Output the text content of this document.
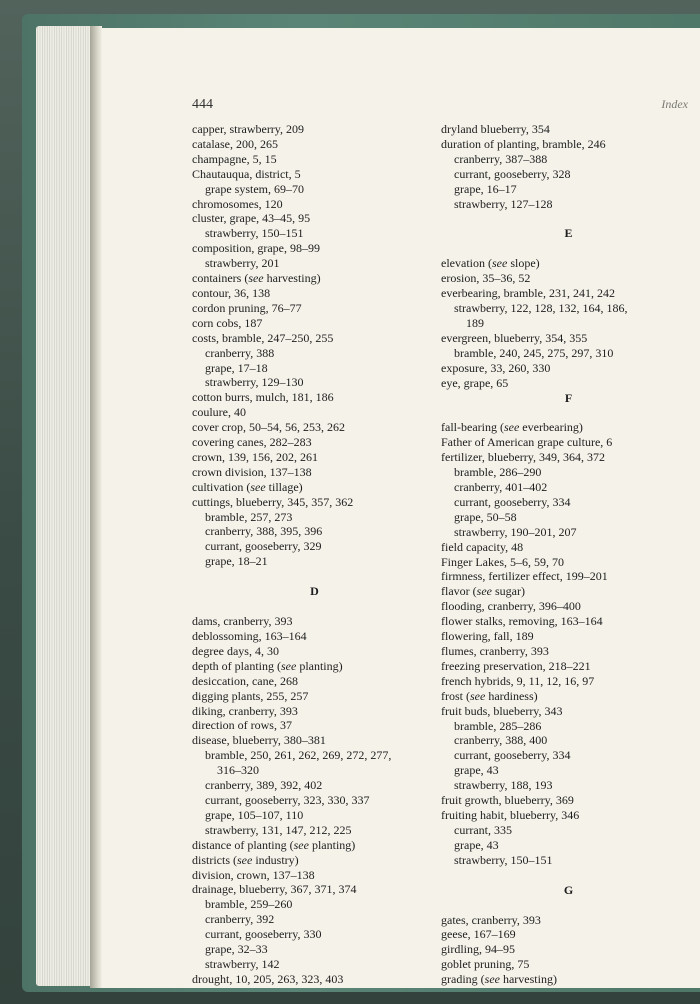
444	Index
capper, strawberry, 209
catalase, 200, 265
champagne, 5, 15
Chautauqua, district, 5
grape system, 69–70
chromosomes, 120
cluster, grape, 43–45, 95
strawberry, 150–151
composition, grape, 98–99
strawberry, 201
containers (see harvesting)
contour, 36, 138
cordon pruning, 76–77
corn cobs, 187
costs, bramble, 247–250, 255
cranberry, 388
grape, 17–18
strawberry, 129–130
cotton burrs, mulch, 181, 186
coulure, 40
cover crop, 50–54, 56, 253, 262
covering canes, 282–283
crown, 139, 156, 202, 261
crown division, 137–138
cultivation (see tillage)
cuttings, blueberry, 345, 357, 362
bramble, 257, 273
cranberry, 388, 395, 396
currant, gooseberry, 329
grape, 18–21
D
dams, cranberry, 393
deblossoming, 163–164
degree days, 4, 30
depth of planting (see planting)
desiccation, cane, 268
digging plants, 255, 257
diking, cranberry, 393
direction of rows, 37
disease, blueberry, 380–381
bramble, 250, 261, 262, 269, 272, 277,
316–320
cranberry, 389, 392, 402
currant, gooseberry, 323, 330, 337
grape, 105–107, 110
strawberry, 131, 147, 212, 225
distance of planting (see planting)
districts (see industry)
division, crown, 137–138
drainage, blueberry, 367, 371, 374
bramble, 259–260
cranberry, 392
currant, gooseberry, 330
grape, 32–33
strawberry, 142
drought, 10, 205, 263, 323, 403
dryland blueberry, 354
duration of planting, bramble, 246
cranberry, 387–388
currant, gooseberry, 328
grape, 16–17
strawberry, 127–128
E
elevation (see slope)
erosion, 35–36, 52
everbearing, bramble, 231, 241, 242
strawberry, 122, 128, 132, 164, 186,
189
evergreen, blueberry, 354, 355
bramble, 240, 245, 275, 297, 310
exposure, 33, 260, 330
eye, grape, 65
F
fall-bearing (see everbearing)
Father of American grape culture, 6
fertilizer, blueberry, 349, 364, 372
bramble, 286–290
cranberry, 401–402
currant, gooseberry, 334
grape, 50–58
strawberry, 190–201, 207
field capacity, 48
Finger Lakes, 5–6, 59, 70
firmness, fertilizer effect, 199–201
flavor (see sugar)
flooding, cranberry, 396–400
flower stalks, removing, 163–164
flowering, fall, 189
flumes, cranberry, 393
freezing preservation, 218–221
french hybrids, 9, 11, 12, 16, 97
frost (see hardiness)
fruit buds, blueberry, 343
bramble, 285–286
cranberry, 388, 400
currant, gooseberry, 334
grape, 43
strawberry, 188, 193
fruit growth, blueberry, 369
fruiting habit, blueberry, 346
currant, 335
grape, 43
strawberry, 150–151
G
gates, cranberry, 393
geese, 167–169
girdling, 94–95
goblet pruning, 75
grading (see harvesting)
